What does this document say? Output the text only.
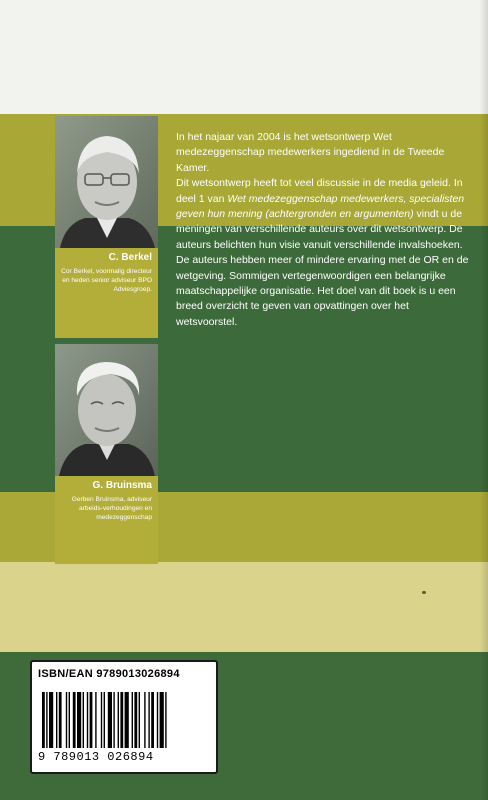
C. Berkel
Cor Berkel, voormalig directeur en heden senior adviseur BPO Adviesgroep.
G. Bruinsma
Gerben Bruinsma, adviseur arbeids-verhoudingen en medezeggenschap

In het najaar van 2004 is het wetsontwerp Wet medezeggenschap medewerkers ingediend in de Tweede Kamer.

Dit wetsontwerp heeft tot veel discussie in de media geleid. In deel 1 van Wet medezeggenschap medewerkers, specialisten geven hun mening (achtergronden en argumenten) vindt u de meningen van verschillende auteurs over dit wetsontwerp. De auteurs belichten hun visie vanuit verschillende invalshoeken. De auteurs hebben meer of mindere ervaring met de OR en de wetgeving. Sommigen vertegenwoordigen een belangrijke maatschappelijke organisatie. Het doel van dit boek is u een breed overzicht te geven van opvattingen over het wetsvoorstel.

ISBN/EAN 9789013026894
9 789013 026894
